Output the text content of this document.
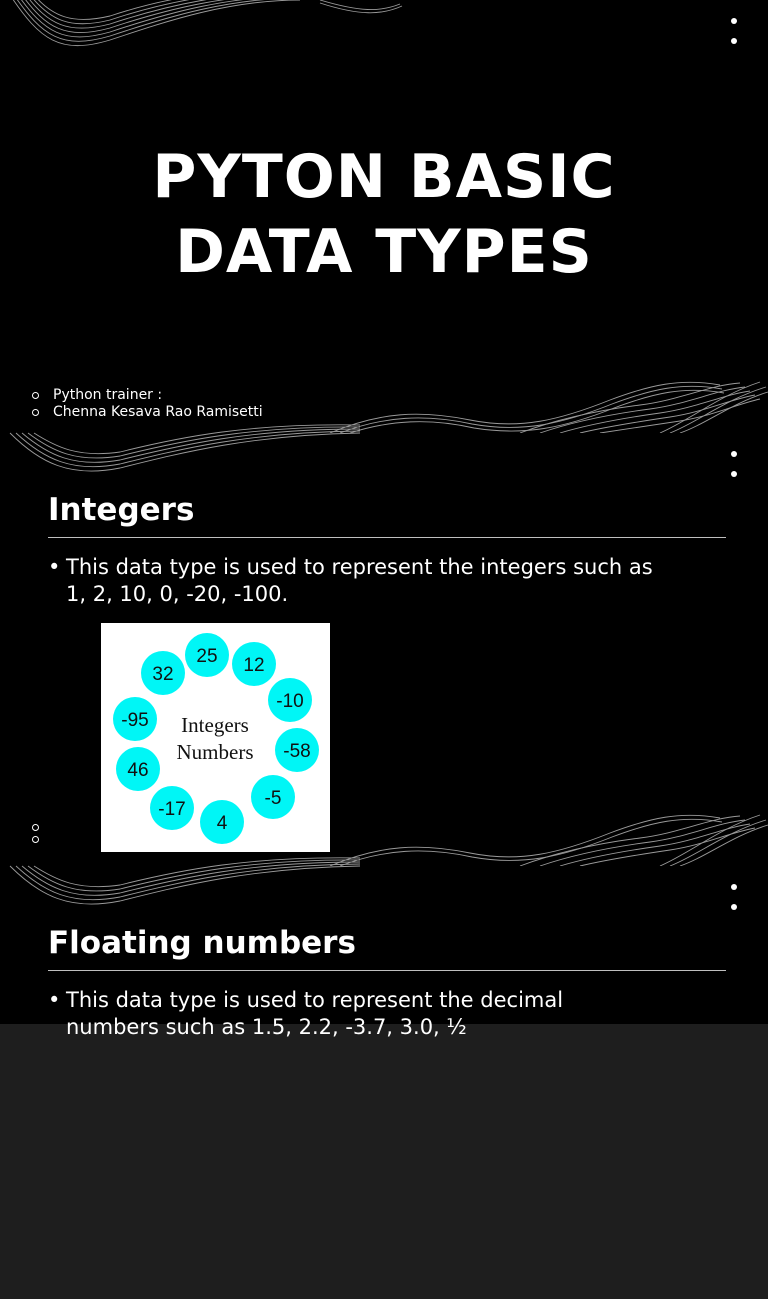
PYTON BASIC
DATA TYPES
Python trainer :
Chenna Kesava Rao Ramisetti
Integers
• This data type is used to represent the integers such as
1, 2, 10, 0, -20, -100.
Integers
Numbers
25 12
-10
-58
-5
4
-17
46
-95
32
Floating numbers
• This data type is used to represent the decimal
numbers such as 1.5, 2.2, -3.7, 3.0, ½
